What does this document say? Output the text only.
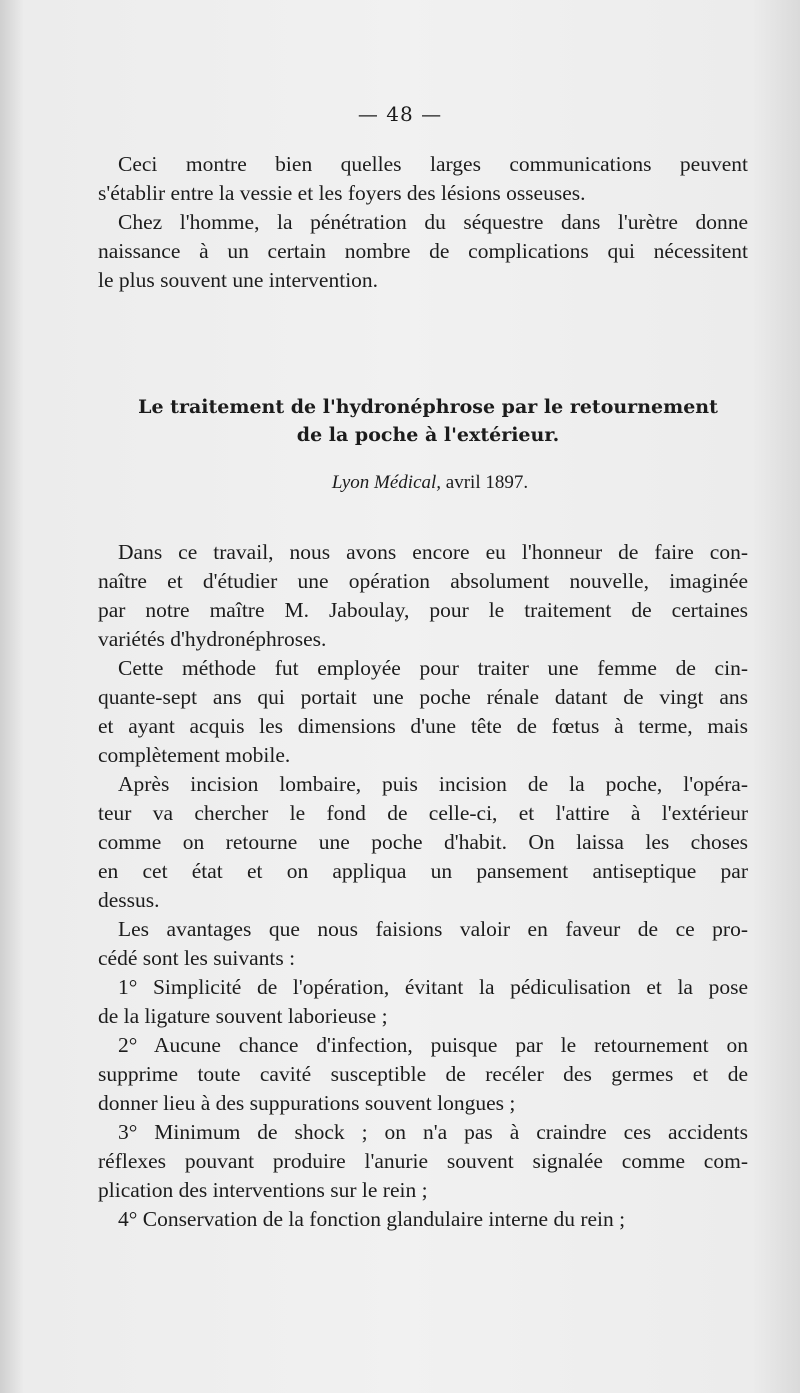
— 48 —

Ceci montre bien quelles larges communications peuvent
s'établir entre la vessie et les foyers des lésions osseuses.

Chez l'homme, la pénétration du séquestre dans l'urètre donne
naissance à un certain nombre de complications qui nécessitent
le plus souvent une intervention.

Le traitement de l'hydronéphrose par le retournement
de la poche à l'extérieur.
Lyon Médical, avril 1897.

Dans ce travail, nous avons encore eu l'honneur de faire con-
naître et d'étudier une opération absolument nouvelle, imaginée
par notre maître M. Jaboulay, pour le traitement de certaines
variétés d'hydronéphroses.

Cette méthode fut employée pour traiter une femme de cin-
quante-sept ans qui portait une poche rénale datant de vingt ans
et ayant acquis les dimensions d'une tête de fœtus à terme, mais
complètement mobile.

Après incision lombaire, puis incision de la poche, l'opéra-
teur va chercher le fond de celle-ci, et l'attire à l'extérieur
comme on retourne une poche d'habit. On laissa les choses
en cet état et on appliqua un pansement antiseptique par
dessus.

Les avantages que nous faisions valoir en faveur de ce pro-
cédé sont les suivants :

1° Simplicité de l'opération, évitant la pédiculisation et la pose
de la ligature souvent laborieuse ;

2° Aucune chance d'infection, puisque par le retournement on
supprime toute cavité susceptible de recéler des germes et de
donner lieu à des suppurations souvent longues ;

3° Minimum de shock ; on n'a pas à craindre ces accidents
réflexes pouvant produire l'anurie souvent signalée comme com-
plication des interventions sur le rein ;

4° Conservation de la fonction glandulaire interne du rein ;
